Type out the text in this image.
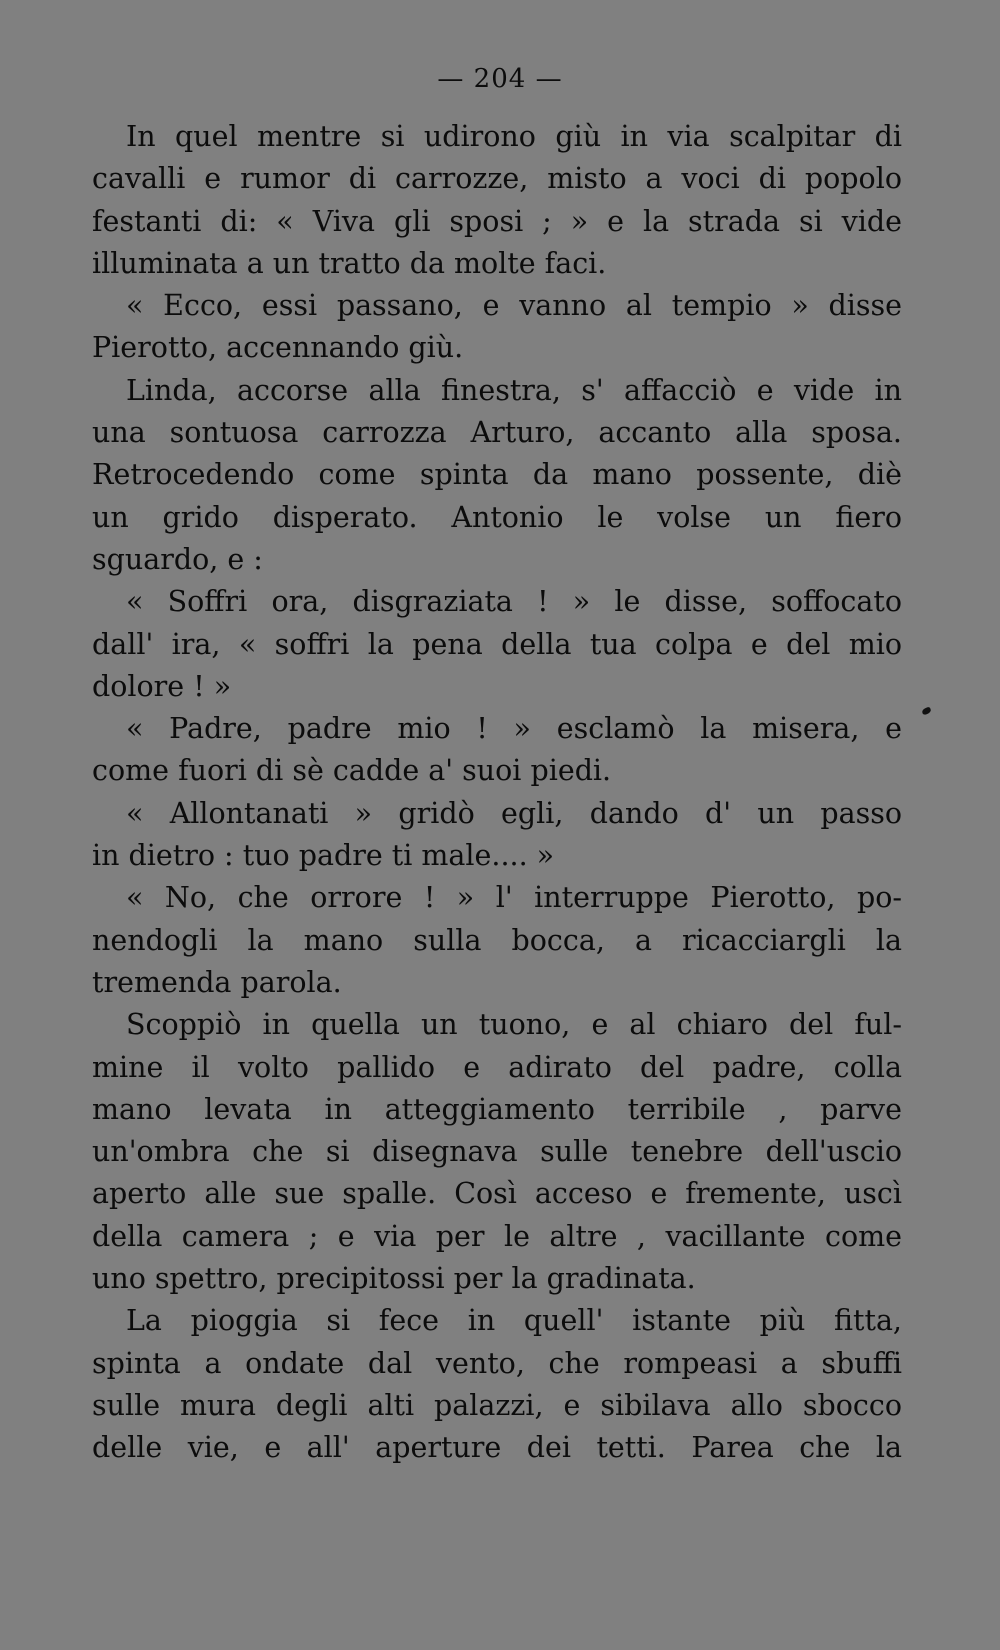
— 204 —
In quel mentre si udirono giù in via scalpitar di
cavalli e rumor di carrozze, misto a voci di popolo
festanti di: « Viva gli sposi ; » e la strada si vide
illuminata a un tratto da molte faci.
« Ecco, essi passano, e vanno al tempio » disse
Pierotto, accennando giù.
Linda, accorse alla finestra, s' affacciò e vide in
una sontuosa carrozza Arturo, accanto alla sposa.
Retrocedendo come spinta da mano possente, diè
un grido disperato. Antonio le volse un fiero
sguardo, e :
« Soffri ora, disgraziata ! » le disse, soffocato
dall' ira, « soffri la pena della tua colpa e del mio
dolore ! »
« Padre, padre mio ! » esclamò la misera, e
come fuori di sè cadde a' suoi piedi.
« Allontanati » gridò egli, dando d' un passo
in dietro : tuo padre ti male.... »
« No, che orrore ! » l' interruppe Pierotto, po-
nendogli la mano sulla bocca, a ricacciargli la
tremenda parola.
Scoppiò in quella un tuono, e al chiaro del ful-
mine il volto pallido e adirato del padre, colla
mano levata in atteggiamento terribile , parve
un'ombra che si disegnava sulle tenebre dell'uscio
aperto alle sue spalle. Così acceso e fremente, uscì
della camera ; e via per le altre , vacillante come
uno spettro, precipitossi per la gradinata.
La pioggia si fece in quell' istante più fitta,
spinta a ondate dal vento, che rompeasi a sbuffi
sulle mura degli alti palazzi, e sibilava allo sbocco
delle vie, e all' aperture dei tetti. Parea che la
